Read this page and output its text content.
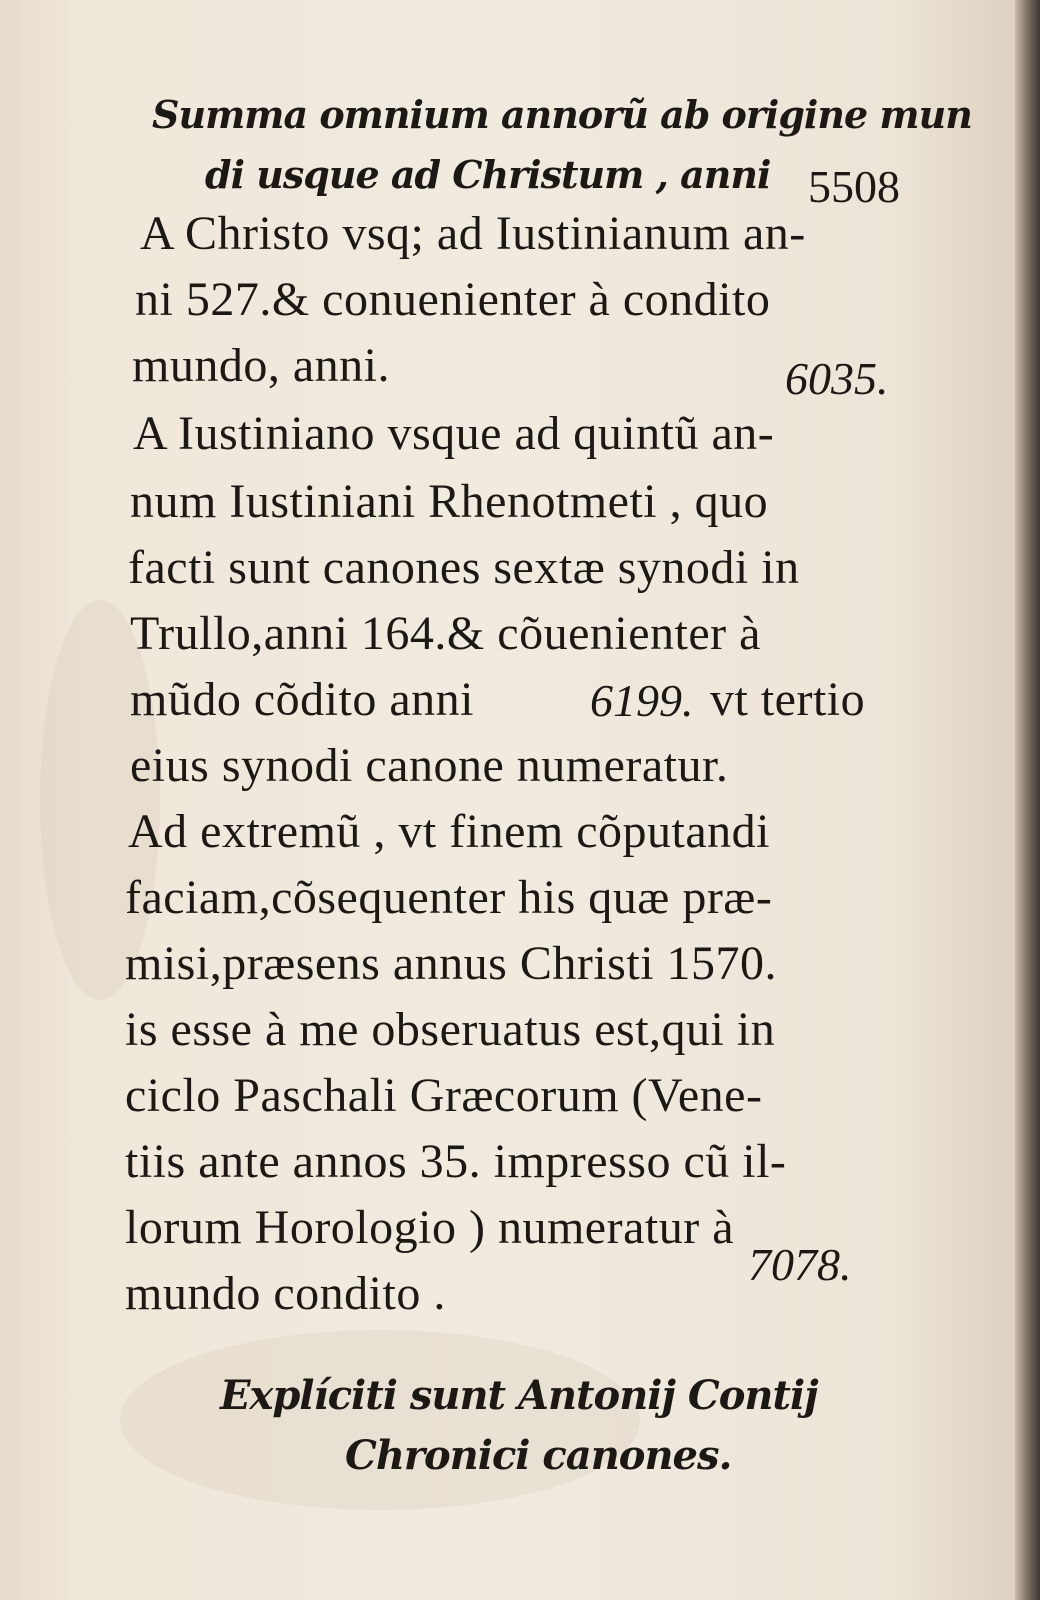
Summa omnium annorũ ab origine mun
di usque ad Christum , anni 5508
A Christo vsq; ad Iustinianum an-
ni 527.& conuenienter à condito
mundo, anni.	6035.
A Iustiniano vsque ad quintũ an-
num Iustiniani Rhenotmeti , quo
facti sunt canones sextæ synodi in
Trullo,anni 164.& cõuenienter à
mũdo cõdito anni	6199. vt tertio
eius synodi canone numeratur.
Ad extremũ , vt finem cõputandi
faciam,cõsequenter his quæ præ-
misi,præsens annus Christi 1570.
is esse à me obseruatus est,qui in
ciclo Paschali Græcorum (Vene-
tiis ante annos 35. impresso cũ il-
lorum Horologio ) numeratur à
mundo condito .
7078.
Explíciti sunt Antonij Contij
Chronici canones.
